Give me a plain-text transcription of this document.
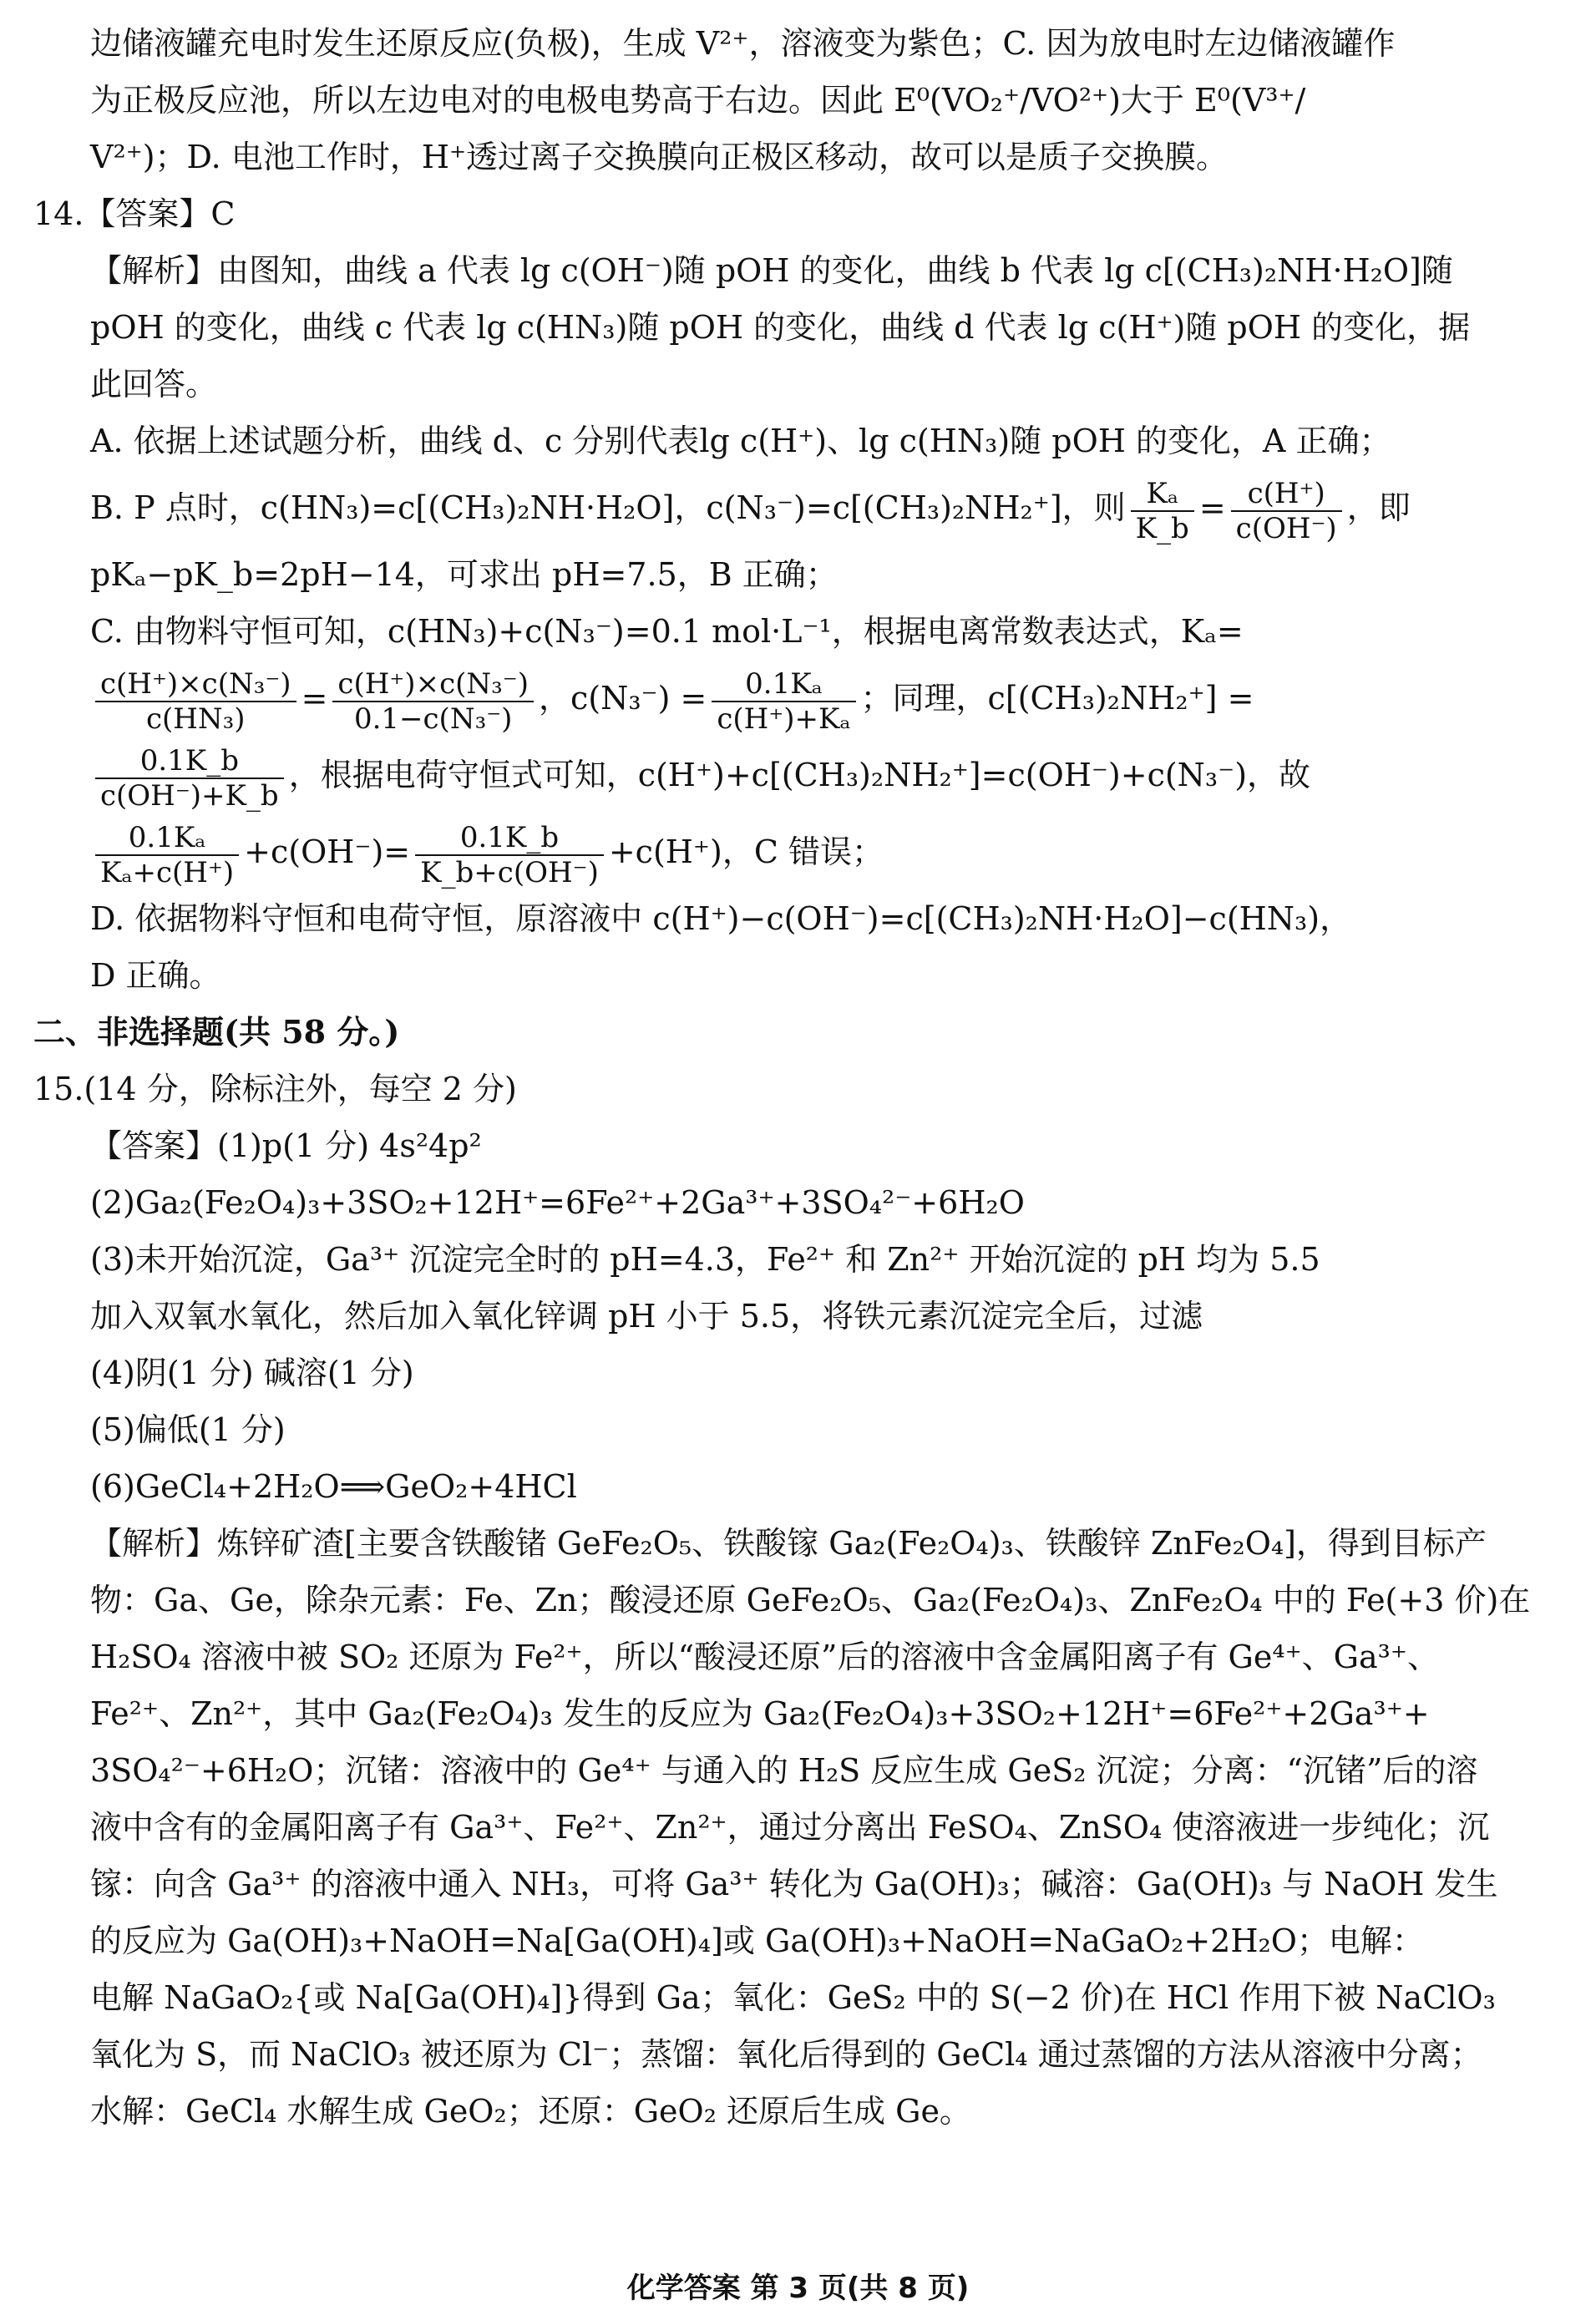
边储液罐充电时发生还原反应(负极)，生成 V²⁺，溶液变为紫色；C. 因为放电时左边储液罐作
为正极反应池，所以左边电对的电极电势高于右边。因此 E⁰(VO₂⁺/VO²⁺)大于 E⁰(V³⁺/
V²⁺)；D. 电池工作时，H⁺透过离子交换膜向正极区移动，故可以是质子交换膜。
14.【答案】C
【解析】由图知，曲线 a 代表 lg c(OH⁻)随 pOH 的变化，曲线 b 代表 lg c[(CH₃)₂NH·H₂O]随
pOH 的变化，曲线 c 代表 lg c(HN₃)随 pOH 的变化，曲线 d 代表 lg c(H⁺)随 pOH 的变化，据
此回答。
A. 依据上述试题分析，曲线 d、c 分别代表lg c(H⁺)、lg c(HN₃)随 pOH 的变化，A 正确；
B. P 点时，c(HN₃)=c[(CH₃)₂NH·H₂O]，c(N₃⁻)=c[(CH₃)₂NH₂⁺]，则 $\frac{\text{Kₐ}}{K\_b} = \frac{c(H^+)}{c(OH^-)}$ ，即
pKₐ−pK_b=2pH−14，可求出 pH=7.5，B 正确；
C. 由物料守恒可知，c(HN₃)+c(N₃⁻)=0.1 mol·L⁻¹，根据电离常数表达式，Kₐ=
$\frac{\text{c(H⁺)×c(N₃⁻)}}{\text{c(HN₃)}} = \frac{\text{c(H⁺)×c(N₃⁻)}}{\text{0.1−c(N₃⁻)}}$ ，$c(N_3^-) = \frac{\text{0.1Kₐ}}{\text{c(H⁺)+Kₐ}}$ ；同理，c[(CH₃)₂NH₂⁺] =
$\frac{0.1K\_b}{c(OH^-)+K\_b}$ ，根据电荷守恒式可知，c(H⁺)+c[(CH₃)₂NH₂⁺]=c(OH⁻)+c(N₃⁻)，故
$\frac{\text{0.1Kₐ}}{\text{Kₐ+c(H⁺)}} +c(OH^-)= \frac{0.1K\_b}{K\_b+c(OH^-)} +c(H^+)$，C 错误；
D. 依据物料守恒和电荷守恒，原溶液中 c(H⁺)−c(OH⁻)=c[(CH₃)₂NH·H₂O]−c(HN₃)，
D 正确。
二、非选择题(共 58 分。)
15.(14 分，除标注外，每空 2 分)
【答案】(1)p(1 分) 4s²4p²
(2)Ga₂(Fe₂O₄)₃+3SO₂+12H⁺=6Fe²⁺+2Ga³⁺+3SO₄²⁻+6H₂O
(3)未开始沉淀，Ga³⁺ 沉淀完全时的 pH=4.3，Fe²⁺ 和 Zn²⁺ 开始沉淀的 pH 均为 5.5
加入双氧水氧化，然后加入氧化锌调 pH 小于 5.5，将铁元素沉淀完全后，过滤
(4)阴(1 分) 碱溶(1 分)
(5)偏低(1 分)
(6)GeCl₄+2H₂O⟹GeO₂+4HCl
【解析】炼锌矿渣[主要含铁酸锗 GeFe₂O₅、铁酸镓 Ga₂(Fe₂O₄)₃、铁酸锌 ZnFe₂O₄]，得到目标产
物：Ga、Ge，除杂元素：Fe、Zn；酸浸还原 GeFe₂O₅、Ga₂(Fe₂O₄)₃、ZnFe₂O₄ 中的 Fe(+3 价)在
H₂SO₄ 溶液中被 SO₂ 还原为 Fe²⁺，所以“酸浸还原”后的溶液中含金属阳离子有 Ge⁴⁺、Ga³⁺、
Fe²⁺、Zn²⁺，其中 Ga₂(Fe₂O₄)₃ 发生的反应为 Ga₂(Fe₂O₄)₃+3SO₂+12H⁺=6Fe²⁺+2Ga³⁺+
3SO₄²⁻+6H₂O；沉锗：溶液中的 Ge⁴⁺ 与通入的 H₂S 反应生成 GeS₂ 沉淀；分离：“沉锗”后的溶
液中含有的金属阳离子有 Ga³⁺、Fe²⁺、Zn²⁺，通过分离出 FeSO₄、ZnSO₄ 使溶液进一步纯化；沉
镓：向含 Ga³⁺ 的溶液中通入 NH₃，可将 Ga³⁺ 转化为 Ga(OH)₃；碱溶：Ga(OH)₃ 与 NaOH 发生
的反应为 Ga(OH)₃+NaOH=Na[Ga(OH)₄]或 Ga(OH)₃+NaOH=NaGaO₂+2H₂O；电解：
电解 NaGaO₂{或 Na[Ga(OH)₄]}得到 Ga；氧化：GeS₂ 中的 S(−2 价)在 HCl 作用下被 NaClO₃
氧化为 S，而 NaClO₃ 被还原为 Cl⁻；蒸馏：氧化后得到的 GeCl₄ 通过蒸馏的方法从溶液中分离；
水解：GeCl₄ 水解生成 GeO₂；还原：GeO₂ 还原后生成 Ge。
化学答案 第 3 页(共 8 页)
